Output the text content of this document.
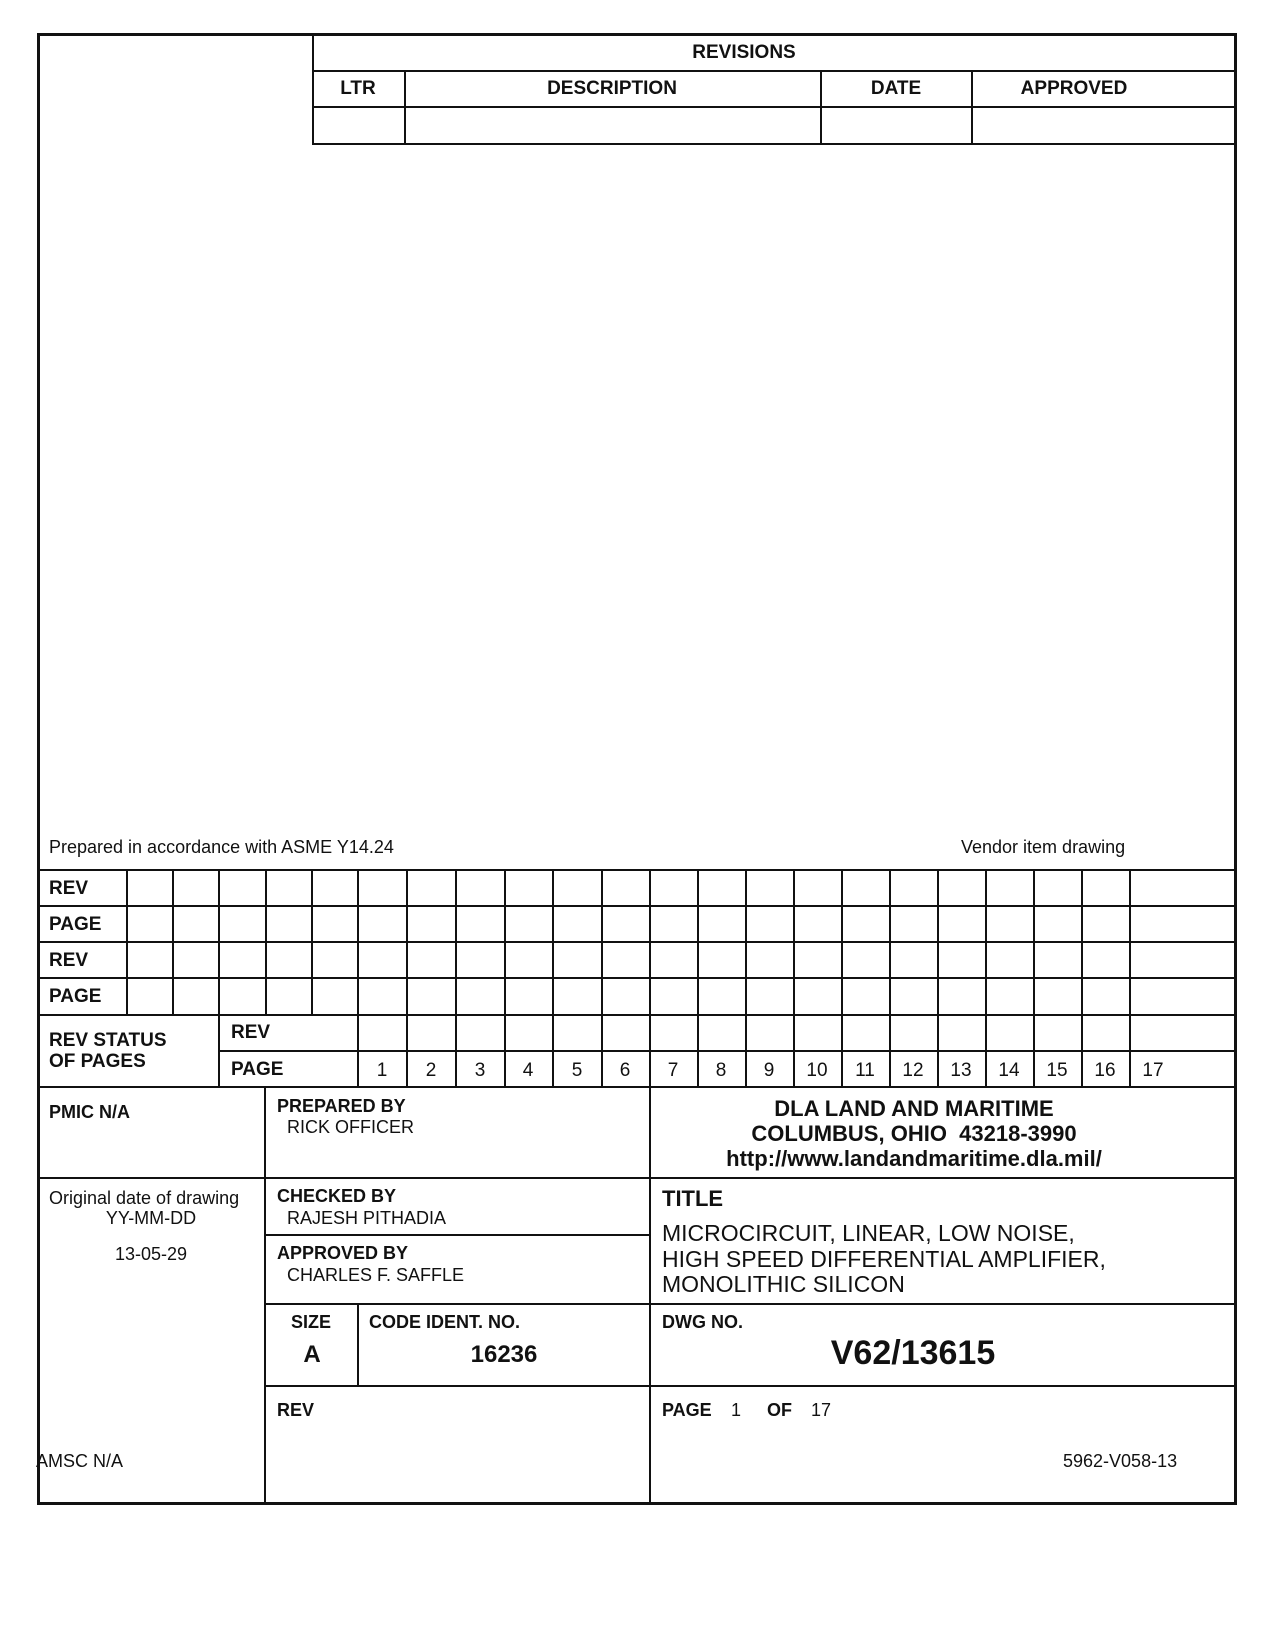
REVISIONS
LTR	DESCRIPTION	DATE	APPROVED
Prepared in accordance with ASME Y14.24	Vendor item drawing
REV
PAGE
REV
PAGE
REV STATUS
OF PAGES
REV
PAGE	1 2 3 4 5 6 7 8 9 10 11 12 13 14 15 16 17
PMIC N/A	PREPARED BY
RICK OFFICER
DLA LAND AND MARITIME
COLUMBUS, OHIO  43218-3990
http://www.landandmaritime.dla.mil/
Original date of drawing
YY-MM-DD
13-05-29
CHECKED BY
RAJESH PITHADIA
APPROVED BY
CHARLES F. SAFFLE
TITLE
MICROCIRCUIT, LINEAR, LOW NOISE,
HIGH SPEED DIFFERENTIAL AMPLIFIER,
MONOLITHIC SILICON
SIZE
A
CODE IDENT. NO.
16236
DWG NO.
V62/13615
REV	PAGE 1 OF 17
AMSC N/A	5962-V058-13
